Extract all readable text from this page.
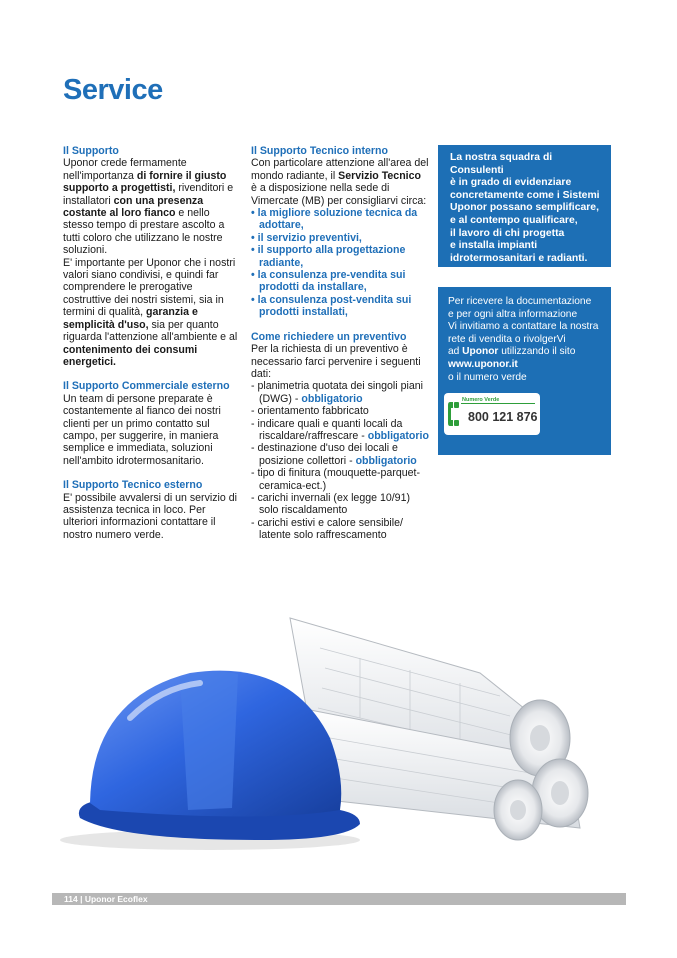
Service

Il Supporto

Uponor crede fermamente nell'importanza di fornire il giusto supporto a progettisti, rivenditori e installatori con una presenza costante al loro fianco e nello stesso tempo di prestare ascolto a tutti coloro che utilizzano le nostre soluzioni.

E' importante per Uponor che i nostri valori siano condivisi, e quindi far comprendere le prerogative costruttive dei nostri sistemi, sia in termini di qualità, garanzia e semplicità d'uso, sia per quanto riguarda l'attenzione all'ambiente e al contenimento dei consumi energetici.

Il Supporto Commerciale esterno

Un team di persone preparate è costantemente al fianco dei nostri clienti per un primo contatto sul campo, per suggerire, in maniera semplice e immediata, soluzioni nell'ambito idrotermosanitario.

Il Supporto Tecnico esterno

E' possibile avvalersi di un servizio di assistenza tecnica in loco. Per ulteriori informazioni contattare il nostro numero verde.

Il Supporto Tecnico interno

Con particolare attenzione all'area del mondo radiante, il Servizio Tecnico è a disposizione nella sede di Vimercate (MB) per consigliarvi circa:

• la migliore soluzione tecnica da adottare,
• il servizio preventivi,
• il supporto alla progettazione radiante,
• la consulenza pre-vendita sui prodotti da installare,
• la consulenza post-vendita sui prodotti installati,

Come richiedere un preventivo

Per la richiesta di un preventivo è necessario farci pervenire i seguenti dati:

- planimetria quotata dei singoli piani (DWG) - obbligatorio
- orientamento fabbricato
- indicare quali e quanti locali da riscaldare/raffrescare - obbligatorio
- destinazione d'uso dei locali e posizione collettori - obbligatorio
- tipo di finitura (mouquette-parquet-ceramica-ect.)
- carichi invernali (ex legge 10/91) solo riscaldamento
- carichi estivi e calore sensibile/ latente solo raffrescamento
La nostra squadra di Consulenti
è in grado di evidenziare
concretamente come i Sistemi
Uponor possano semplificare,
e al contempo qualificare,
il lavoro di chi progetta
e installa impianti
idrotermosanitari e radianti.
Per ricevere la documentazione
e per ogni altra informazione
Vi invitiamo a contattare la nostra
rete di vendita o rivolgerVi
ad Uponor utilizzando il sito
www.uponor.it
o il numero verde
Numero Verde
800 121 876
114 | Uponor Ecoflex
